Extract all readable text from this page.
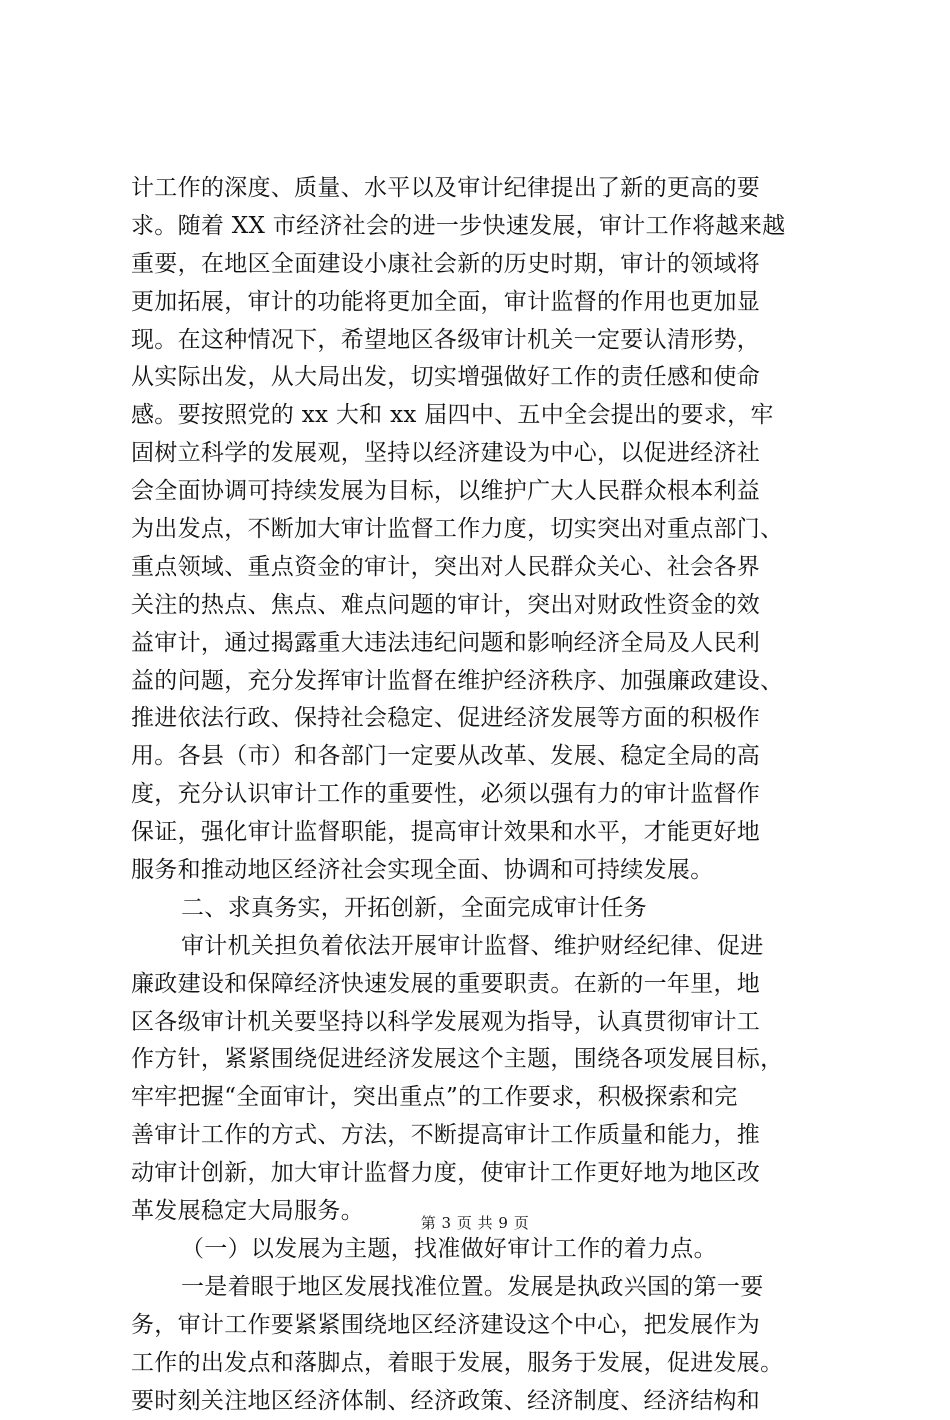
计工作的深度、质量、水平以及审计纪律提出了新的更高的要
求。随着 XX 市经济社会的进一步快速发展，审计工作将越来越
重要，在地区全面建设小康社会新的历史时期，审计的领域将
更加拓展，审计的功能将更加全面，审计监督的作用也更加显
现。在这种情况下，希望地区各级审计机关一定要认清形势，
从实际出发，从大局出发，切实增强做好工作的责任感和使命
感。要按照党的 xx 大和 xx 届四中、五中全会提出的要求，牢
固树立科学的发展观，坚持以经济建设为中心，以促进经济社
会全面协调可持续发展为目标，以维护广大人民群众根本利益
为出发点，不断加大审计监督工作力度，切实突出对重点部门、
重点领域、重点资金的审计，突出对人民群众关心、社会各界
关注的热点、焦点、难点问题的审计，突出对财政性资金的效
益审计，通过揭露重大违法违纪问题和影响经济全局及人民利
益的问题，充分发挥审计监督在维护经济秩序、加强廉政建设、
推进依法行政、保持社会稳定、促进经济发展等方面的积极作
用。各县（市）和各部门一定要从改革、发展、稳定全局的高
度，充分认识审计工作的重要性，必须以强有力的审计监督作
保证，强化审计监督职能，提高审计效果和水平，才能更好地
服务和推动地区经济社会实现全面、协调和可持续发展。
二、求真务实，开拓创新，全面完成审计任务
审计机关担负着依法开展审计监督、维护财经纪律、促进
廉政建设和保障经济快速发展的重要职责。在新的一年里，地
区各级审计机关要坚持以科学发展观为指导，认真贯彻审计工
作方针，紧紧围绕促进经济发展这个主题，围绕各项发展目标，
牢牢把握“全面审计，突出重点”的工作要求，积极探索和完
善审计工作的方式、方法，不断提高审计工作质量和能力，推
动审计创新，加大审计监督力度，使审计工作更好地为地区改
革发展稳定大局服务。
（一）以发展为主题，找准做好审计工作的着力点。
一是着眼于地区发展找准位置。发展是执政兴国的第一要
务，审计工作要紧紧围绕地区经济建设这个中心，把发展作为
工作的出发点和落脚点，着眼于发展，服务于发展，促进发展。
要时刻关注地区经济体制、经济政策、经济制度、经济结构和
第 3 页 共 9 页
